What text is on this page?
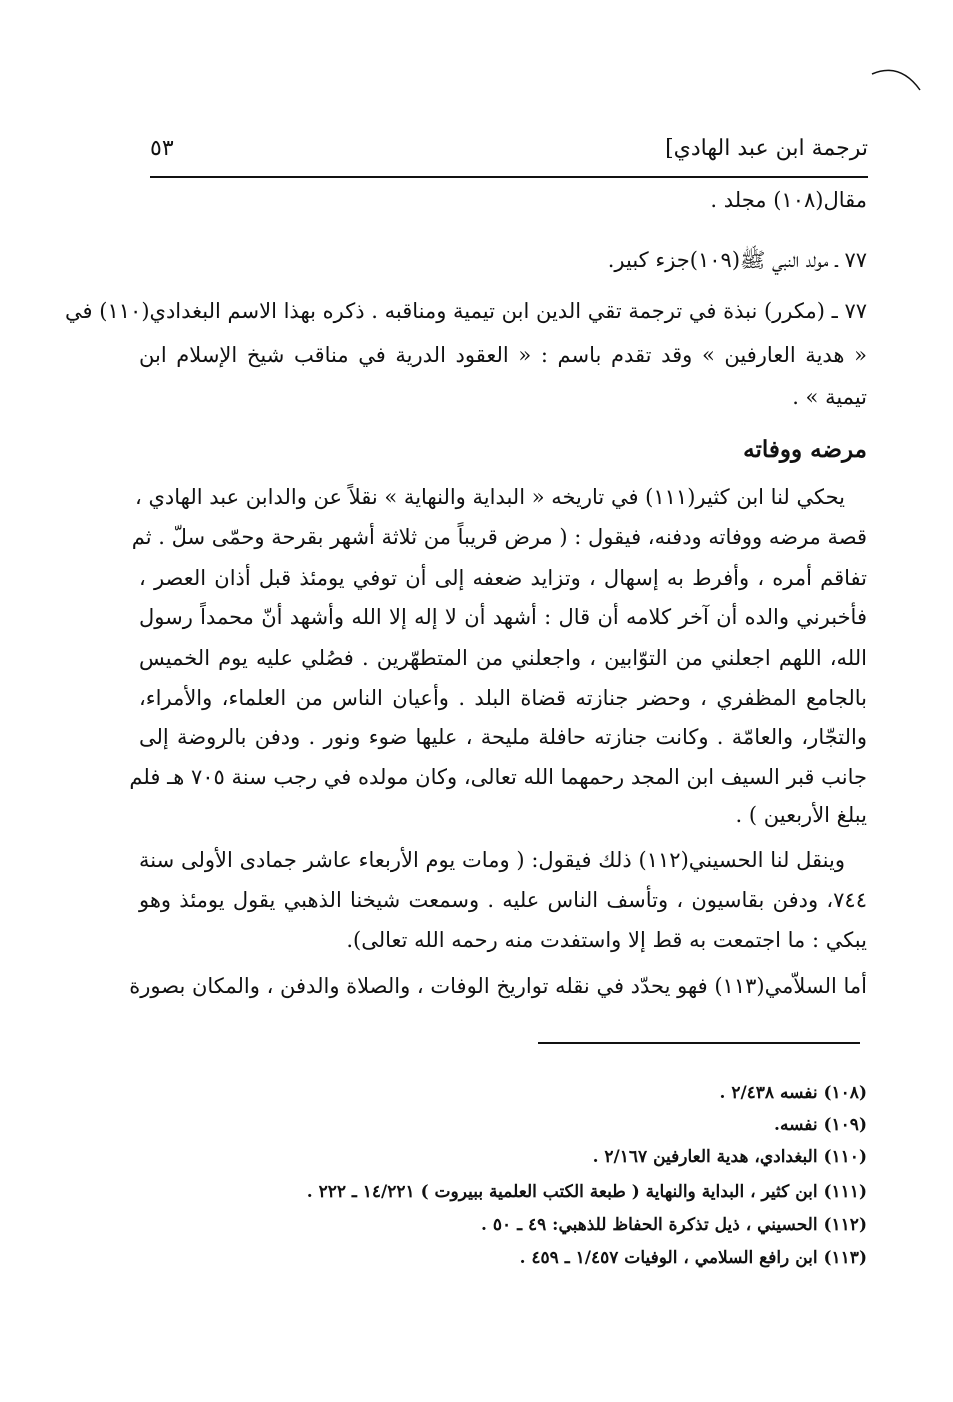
ترجمة ابن عبد الهادي]
٥٣
مقال(١٠٨) مجلد .
٧٧ ـ مولد النبي ﷺ(١٠٩)جزء كبير.
٧٧ ـ (مكرر) نبذة في ترجمة تقي الدين ابن تيمية ومناقبه . ذكره بهذا الاسم البغدادي(١١٠) في
« هدية العارفين » وقد تقدم باسم : « العقود الدرية في مناقب شيخ الإسلام ابن
تيمية » .
مرضه ووفاته
يحكي لنا ابن كثير(١١١) في تاريخه « البداية والنهاية » نقلاً عن والدابن عبد الهادي ،
قصة مرضه ووفاته ودفنه، فيقول : ( مرض قريباً من ثلاثة أشهر بقرحة وحمّى سلّ . ثم
تفاقم أمره ، وأفرط به إسهال ، وتزايد ضعفه إلى أن توفي يومئذ قبل أذان العصر ،
فأخبرني والده أن آخر كلامه أن قال : أشهد أن لا إله إلا الله وأشهد أنّ محمداً رسول
الله، اللهم اجعلني من التوّابين ، واجعلني من المتطهّرين . فصُلي عليه يوم الخميس
بالجامع المظفري ، وحضر جنازته قضاة البلد . وأعيان الناس من العلماء، والأمراء،
والتجّار، والعامّة . وكانت جنازته حافلة مليحة ، عليها ضوء ونور . ودفن بالروضة إلى
جانب قبر السيف ابن المجد رحمهما الله تعالى، وكان مولده في رجب سنة ٧٠٥ هـ فلم
يبلغ الأربعين ) .
وينقل لنا الحسيني(١١٢) ذلك فيقول: ( ومات يوم الأربعاء عاشر جمادى الأولى سنة
٧٤٤، ودفن بقاسيون ، وتأسف الناس عليه . وسمعت شيخنا الذهبي يقول يومئذ وهو
يبكي : ما اجتمعت به قط إلا واستفدت منه رحمه الله تعالى).
أما السلاّمي(١١٣) فهو يحدّد في نقله تواريخ الوفات ، والصلاة والدفن ، والمكان بصورة
(١٠٨) نفسه ٢/٤٣٨ .
(١٠٩) نفسه.
(١١٠) البغدادي، هدية العارفين ٢/١٦٧ .
(١١١) ابن كثير ، البداية والنهاية ( طبعة الكتب العلمية ببيروت ) ١٤/٢٢١ ـ ٢٢٢ .
(١١٢) الحسيني ، ذيل تذكرة الحفاظ للذهبي: ٤٩ ـ ٥٠ .
(١١٣) ابن رافع السلامي ، الوفيات ١/٤٥٧ ـ ٤٥٩ .
